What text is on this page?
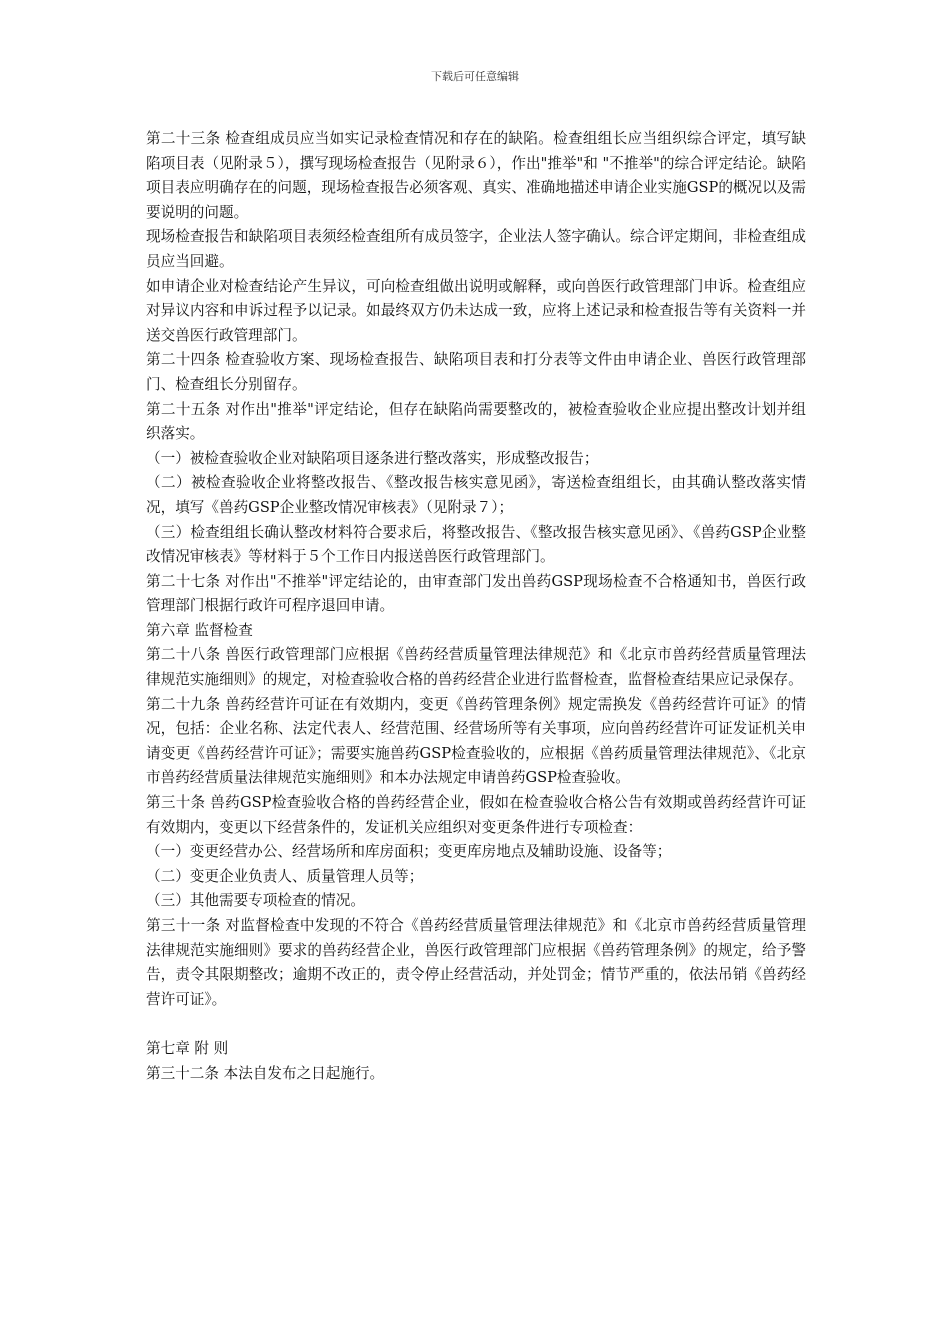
下载后可任意编辑

第二十三条 检查组成员应当如实记录检查情况和存在的缺陷。检查组组长应当组织综合评定，填写缺陷项目表（见附录５），撰写现场检查报告（见附录６），作出"推举"和 "不推举"的综合评定结论。缺陷项目表应明确存在的问题，现场检查报告必须客观、真实、准确地描述申请企业实施GSP的概况以及需要说明的问题。

现场检查报告和缺陷项目表须经检查组所有成员签字，企业法人签字确认。综合评定期间，非检查组成员应当回避。

如申请企业对检查结论产生异议，可向检查组做出说明或解释，或向兽医行政管理部门申诉。检查组应对异议内容和申诉过程予以记录。如最终双方仍未达成一致，应将上述记录和检查报告等有关资料一并送交兽医行政管理部门。

第二十四条 检查验收方案、现场检查报告、缺陷项目表和打分表等文件由申请企业、兽医行政管理部门、检查组长分别留存。

第二十五条 对作出"推举"评定结论，但存在缺陷尚需要整改的，被检查验收企业应提出整改计划并组织落实。

（一）被检查验收企业对缺陷项目逐条进行整改落实，形成整改报告；

（二）被检查验收企业将整改报告、《整改报告核实意见函》，寄送检查组组长，由其确认整改落实情况，填写《兽药GSP企业整改情况审核表》（见附录７）；

（三）检查组组长确认整改材料符合要求后，将整改报告、《整改报告核实意见函》、《兽药GSP企业整改情况审核表》等材料于５个工作日内报送兽医行政管理部门。

第二十七条 对作出"不推举"评定结论的，由审查部门发出兽药GSP现场检查不合格通知书，兽医行政管理部门根据行政许可程序退回申请。

第六章 监督检查

第二十八条 兽医行政管理部门应根据《兽药经营质量管理法律规范》和《北京市兽药经营质量管理法律规范实施细则》的规定，对检查验收合格的兽药经营企业进行监督检查，监督检查结果应记录保存。

第二十九条 兽药经营许可证在有效期内，变更《兽药管理条例》规定需换发《兽药经营许可证》的情况，包括：企业名称、法定代表人、经营范围、经营场所等有关事项，应向兽药经营许可证发证机关申请变更《兽药经营许可证》；需要实施兽药GSP检查验收的，应根据《兽药质量管理法律规范》、《北京市兽药经营质量法律规范实施细则》和本办法规定申请兽药GSP检查验收。

第三十条 兽药GSP检查验收合格的兽药经营企业，假如在检查验收合格公告有效期或兽药经营许可证有效期内，变更以下经营条件的，发证机关应组织对变更条件进行专项检查：

（一）变更经营办公、经营场所和库房面积；变更库房地点及辅助设施、设备等；

（二）变更企业负责人、质量管理人员等；

（三）其他需要专项检查的情况。

第三十一条 对监督检查中发现的不符合《兽药经营质量管理法律规范》和《北京市兽药经营质量管理法律规范实施细则》要求的兽药经营企业，兽医行政管理部门应根据《兽药管理条例》的规定，给予警告，责令其限期整改；逾期不改正的，责令停止经营活动，并处罚金；情节严重的，依法吊销《兽药经营许可证》。

第七章 附 则

第三十二条 本法自发布之日起施行。
